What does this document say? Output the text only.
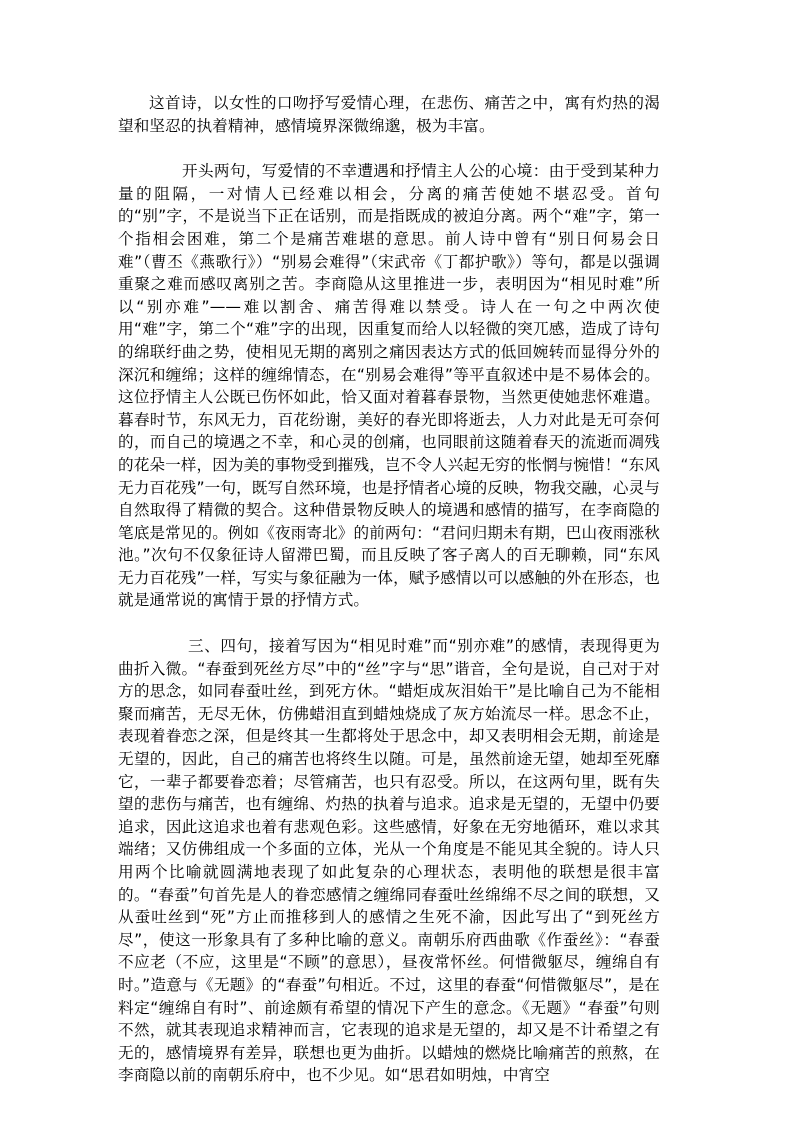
这首诗，以女性的口吻抒写爱情心理，在悲伤、痛苦之中，寓有灼热的渴望和坚忍的执着精神，感情境界深微绵邈，极为丰富。

开头两句，写爱情的不幸遭遇和抒情主人公的心境：由于受到某种力量的阻隔，一对情人已经难以相会，分离的痛苦使她不堪忍受。首句的“别”字，不是说当下正在话别，而是指既成的被迫分离。两个“难”字，第一个指相会困难，第二个是痛苦难堪的意思。前人诗中曾有“别日何易会日难”（曹丕《燕歌行》）“别易会难得”（宋武帝《丁都护歌》）等句，都是以强调重聚之难而感叹离别之苦。李商隐从这里推进一步，表明因为“相见时难”所以“别亦难”——难以割舍、痛苦得难以禁受。诗人在一句之中两次使用“难”字，第二个“难”字的出现，因重复而给人以轻微的突兀感，造成了诗句的绵联纡曲之势，使相见无期的离别之痛因表达方式的低回婉转而显得分外的深沉和缠绵；这样的缠绵情态，在“别易会难得”等平直叙述中是不易体会的。这位抒情主人公既已伤怀如此，恰又面对着暮春景物，当然更使她悲怀难遣。暮春时节，东风无力，百花纷谢，美好的春光即将逝去，人力对此是无可奈何的，而自己的境遇之不幸，和心灵的创痛，也同眼前这随着春天的流逝而凋残的花朵一样，因为美的事物受到摧残，岂不令人兴起无穷的怅惘与惋惜！“东风无力百花残”一句，既写自然环境，也是抒情者心境的反映，物我交融，心灵与自然取得了精微的契合。这种借景物反映人的境遇和感情的描写，在李商隐的笔底是常见的。例如《夜雨寄北》的前两句：“君问归期未有期，巴山夜雨涨秋池。”次句不仅象征诗人留滞巴蜀，而且反映了客子离人的百无聊赖，同“东风无力百花残”一样，写实与象征融为一体，赋予感情以可以感触的外在形态，也就是通常说的寓情于景的抒情方式。

三、四句，接着写因为“相见时难”而“别亦难”的感情，表现得更为曲折入微。“春蚕到死丝方尽”中的“丝”字与“思”谐音，全句是说，自己对于对方的思念，如同春蚕吐丝，到死方休。“蜡炬成灰泪始干”是比喻自己为不能相聚而痛苦，无尽无休，仿佛蜡泪直到蜡烛烧成了灰方始流尽一样。思念不止，表现着眷恋之深，但是终其一生都将处于思念中，却又表明相会无期，前途是无望的，因此，自己的痛苦也将终生以随。可是，虽然前途无望，她却至死靡它，一辈子都要眷恋着；尽管痛苦，也只有忍受。所以，在这两句里，既有失望的悲伤与痛苦，也有缠绵、灼热的执着与追求。追求是无望的，无望中仍要追求，因此这追求也着有悲观色彩。这些感情，好象在无穷地循环，难以求其端绪；又仿佛组成一个多面的立体，光从一个角度是不能见其全貌的。诗人只用两个比喻就圆满地表现了如此复杂的心理状态，表明他的联想是很丰富的。“春蚕”句首先是人的眷恋感情之缠绵同春蚕吐丝绵绵不尽之间的联想，又从蚕吐丝到“死”方止而推移到人的感情之生死不渝，因此写出了“到死丝方尽”，使这一形象具有了多种比喻的意义。南朝乐府西曲歌《作蚕丝》：“春蚕不应老（不应，这里是“不顾”的意思），昼夜常怀丝。何惜微躯尽，缠绵自有时。”造意与《无题》的“春蚕”句相近。不过，这里的春蚕“何惜微躯尽”，是在料定“缠绵自有时”、前途颇有希望的情况下产生的意念。《无题》“春蚕”句则不然，就其表现追求精神而言，它表现的追求是无望的，却又是不计希望之有无的，感情境界有差异，联想也更为曲折。以蜡烛的燃烧比喻痛苦的煎熬，在李商隐以前的南朝乐府中，也不少见。如“思君如明烛，中宵空
